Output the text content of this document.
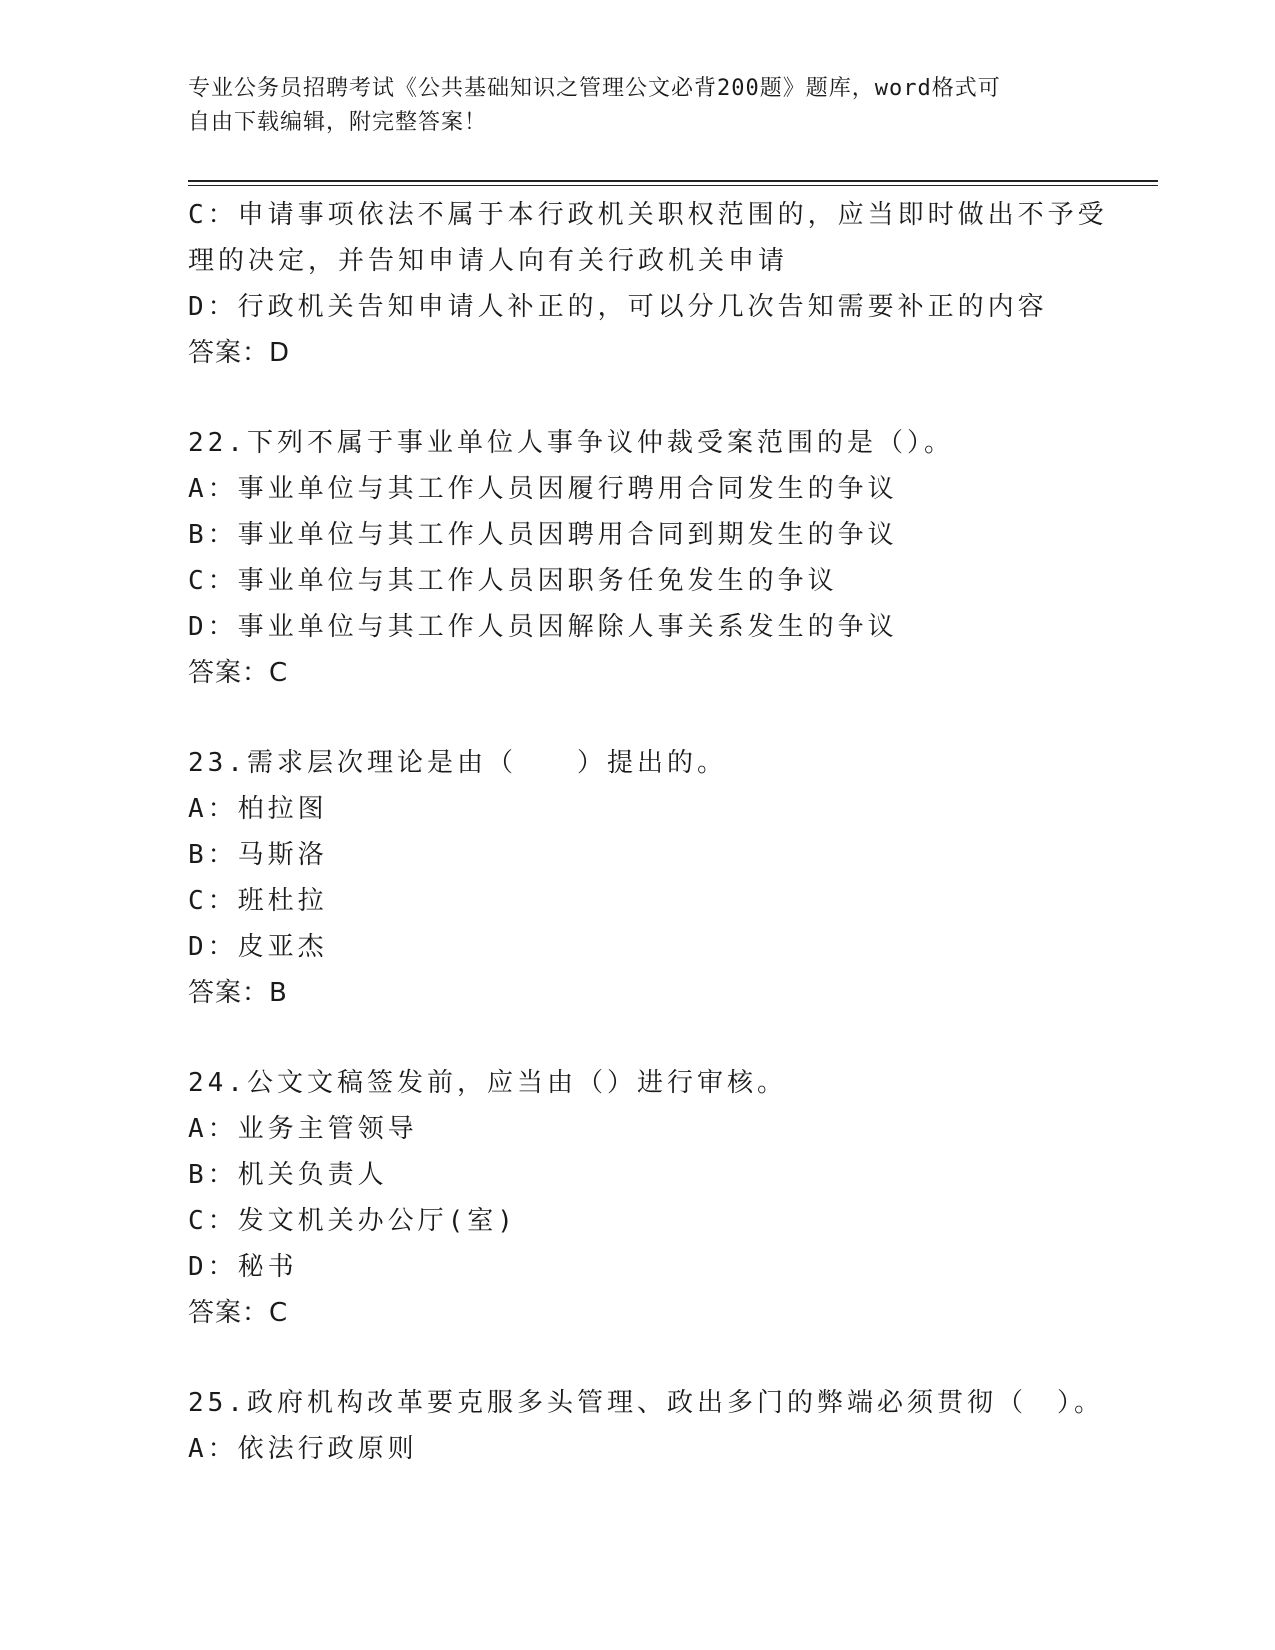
专业公务员招聘考试《公共基础知识之管理公文必背200题》题库，word格式可
自由下载编辑，附完整答案！
C：申请事项依法不属于本行政机关职权范围的，应当即时做出不予受
理的决定，并告知申请人向有关行政机关申请
D：行政机关告知申请人补正的，可以分几次告知需要补正的内容
答案：D
22.下列不属于事业单位人事争议仲裁受案范围的是（）。
A：事业单位与其工作人员因履行聘用合同发生的争议
B：事业单位与其工作人员因聘用合同到期发生的争议
C：事业单位与其工作人员因职务任免发生的争议
D：事业单位与其工作人员因解除人事关系发生的争议
答案：C
23.需求层次理论是由（　　）提出的。
A：柏拉图
B：马斯洛
C：班杜拉
D：皮亚杰
答案：B
24.公文文稿签发前，应当由（）进行审核。
A：业务主管领导
B：机关负责人
C：发文机关办公厅(室)
D：秘书
答案：C
25.政府机构改革要克服多头管理、政出多门的弊端必须贯彻（　）。
A：依法行政原则
